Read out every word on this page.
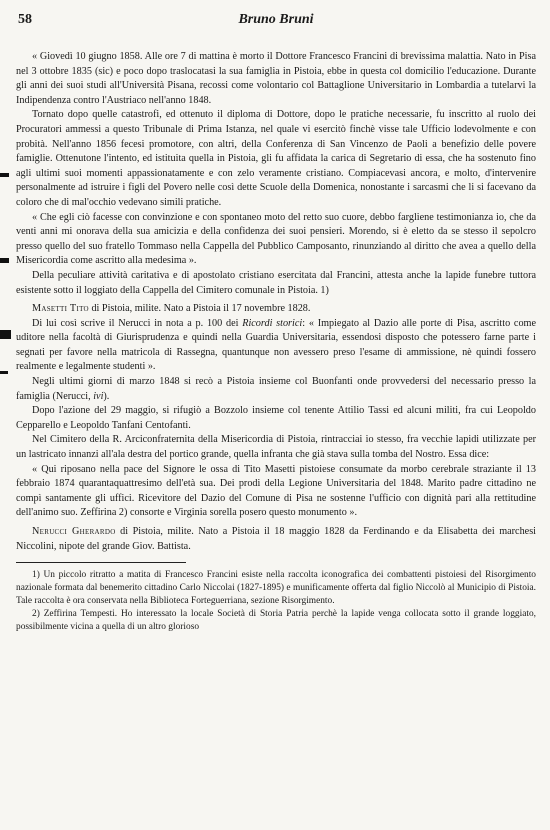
58	Bruno Bruni

« Giovedì 10 giugno 1858. Alle ore 7 di mattina è morto il Dottore Francesco Francini di brevissima malattia. Nato in Pisa nel 3 ottobre 1835 (sic) e poco dopo traslocatasi la sua famiglia in Pistoia, ebbe in questa col domicilio l'educazione. Durante gli anni dei suoi studi all'Università Pisana, recossi come volontario col Battaglione Universitario in Lombardia a tutelarvi la Indipendenza contro l'Austriaco nell'anno 1848.

Tornato dopo quelle catastrofi, ed ottenuto il diploma di Dottore, dopo le pratiche necessarie, fu inscritto al ruolo dei Procuratori ammessi a questo Tribunale di Prima Istanza, nel quale vi esercitò finchè visse tale Ufficio lodevolmente e con probità. Nell'anno 1856 fecesi promotore, con altri, della Conferenza di San Vincenzo de Paoli a benefizio delle povere famiglie. Ottenutone l'intento, ed istituita quella in Pistoia, gli fu affidata la carica di Segretario di essa, che ha sostenuto fino agli ultimi suoi momenti appassionatamente e con zelo veramente cristiano. Compiacevasi ancora, e molto, d'intervenire personalmente ad istruire i figli del Povero nelle così dette Scuole della Domenica, nonostante i sarcasmi che li si facevano da coloro che di mal'occhio vedevano simili pratiche.

« Che egli ciò facesse con convinzione e con spontaneo moto del retto suo cuore, debbo fargliene testimonianza io, che da venti anni mi onorava della sua amicizia e della confidenza dei suoi pensieri. Morendo, si è eletto da se stesso il sepolcro presso quello del suo fratello Tommaso nella Cappella del Pubblico Camposanto, rinunziando al diritto che avea a quello della Misericordia come ascritto alla medesima ».

Della peculiare attività caritativa e di apostolato cristiano esercitata dal Francini, attesta anche la lapide funebre tuttora esistente sotto il loggiato della Cappella del Cimitero comunale in Pistoia. 1)

Masetti Tito di Pistoia, milite. Nato a Pistoia il 17 novembre 1828.

Di lui così scrive il Nerucci in nota a p. 100 dei Ricordi storici: « Impiegato al Dazio alle porte di Pisa, ascritto come uditore nella facoltà di Giurisprudenza e quindi nella Guardia Universitaria, essendosi disposto che potessero farne parte i segnati per favore nella matricola di Rassegna, quantunque non avessero preso l'esame di ammissione, nè quindi fossero realmente e legalmente studenti ».

Negli ultimi giorni di marzo 1848 si recò a Pistoia insieme col Buonfanti onde provvedersi del necessario presso la famiglia (Nerucci, ivi).

Dopo l'azione del 29 maggio, si rifugiò a Bozzolo insieme col tenente Attilio Tassi ed alcuni militi, fra cui Leopoldo Cepparello e Leopoldo Tanfani Centofanti.

Nel Cimitero della R. Arciconfraternita della Misericordia di Pistoia, rintracciai io stesso, fra vecchie lapidi utilizzate per un lastricato innanzi all'ala destra del portico grande, quella infranta che già stava sulla tomba del Nostro. Essa dice:

« Qui riposano nella pace del Signore le ossa di Tito Masetti pistoiese consumate da morbo cerebrale straziante il 13 febbraio 1874 quarantaquattresimo dell'età sua. Dei prodi della Legione Universitaria del 1848. Marito padre cittadino ne compì santamente gli uffici. Ricevitore del Dazio del Comune di Pisa ne sostenne l'ufficio con dignità pari alla rettitudine dell'animo suo. Zeffirina 2) consorte e Virginia sorella posero questo monumento ».

Nerucci Gherardo di Pistoia, milite. Nato a Pistoia il 18 maggio 1828 da Ferdinando e da Elisabetta dei marchesi Niccolini, nipote del grande Giov. Battista.

1) Un piccolo ritratto a matita di Francesco Francini esiste nella raccolta iconografica dei combattenti pistoiesi del Risorgimento nazionale formata dal benemerito cittadino Carlo Niccolai (1827-1895) e munificamente offerta dal figlio Niccolò al Municipio di Pistoia. Tale raccolta è ora conservata nella Biblioteca Forteguerriana, sezione Risorgimento.

2) Zeffirina Tempesti. Ho interessato la locale Società di Storia Patria perchè la lapide venga collocata sotto il grande loggiato, possibilmente vicina a quella di un altro glorioso
